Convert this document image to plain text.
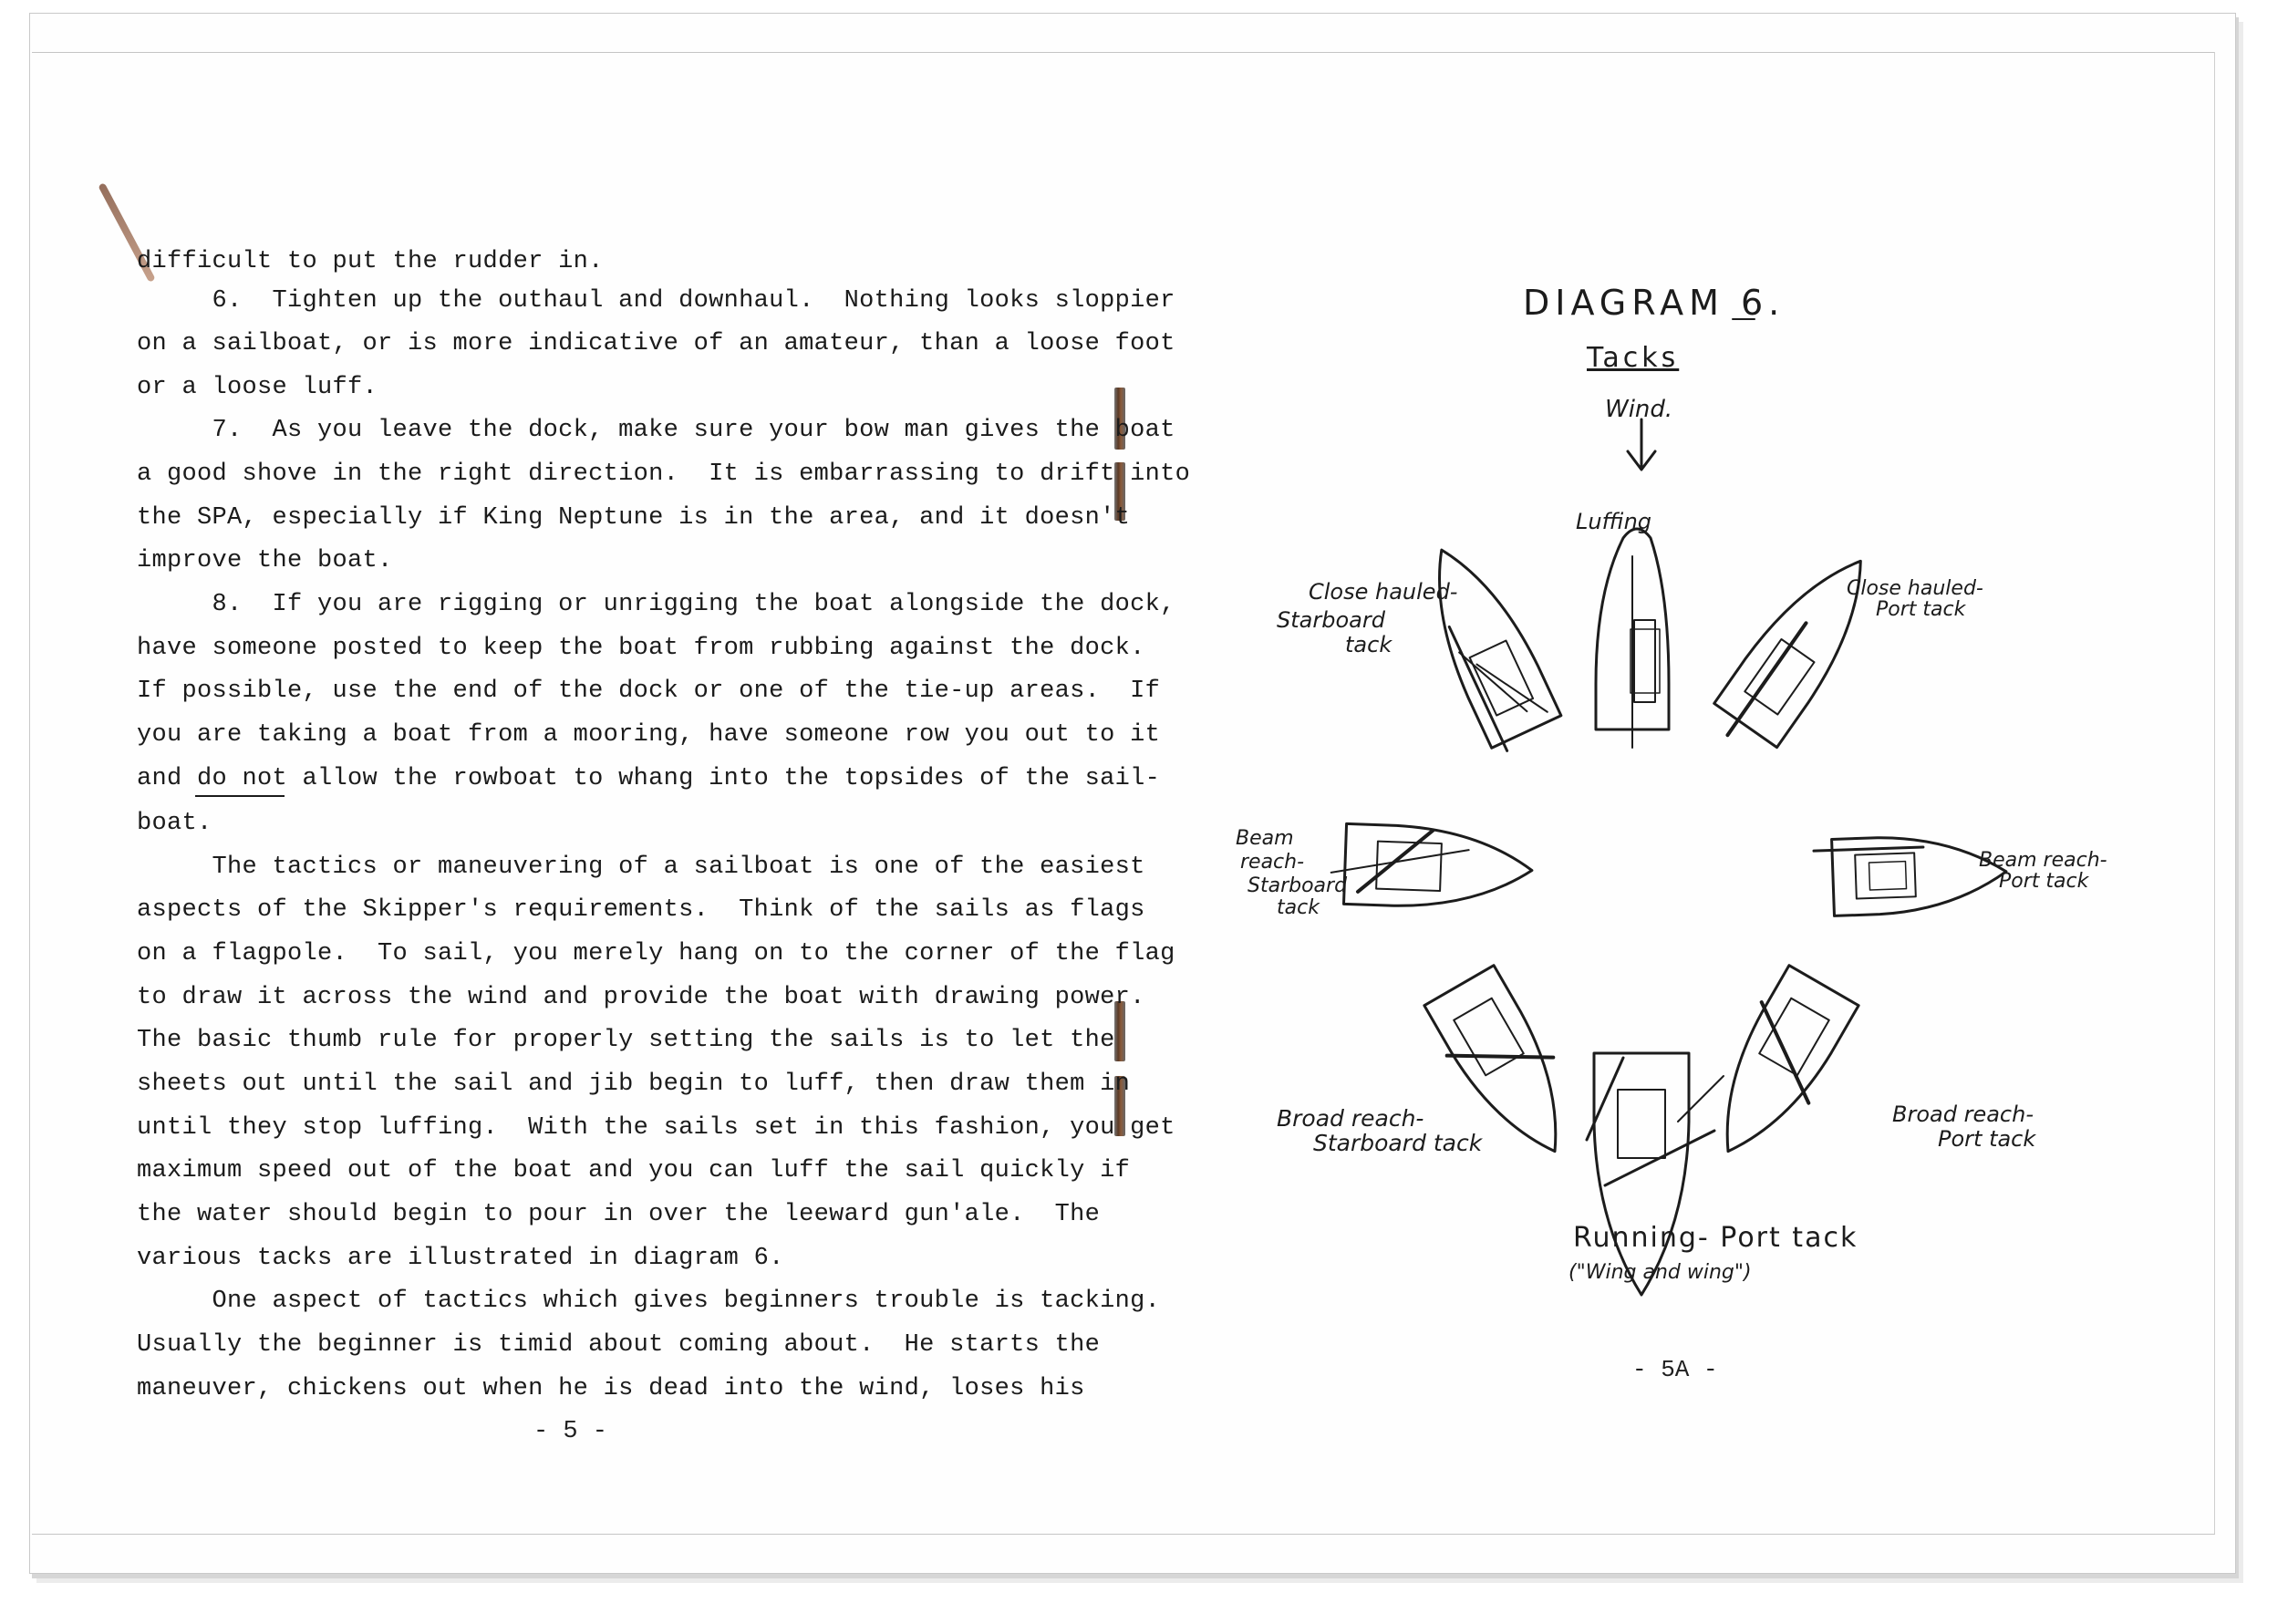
difficult to put the rudder in.
6.  Tighten up the outhaul and downhaul.  Nothing looks sloppier
on a sailboat, or is more indicative of an amateur, than a loose foot
or a loose luff.
7.  As you leave the dock, make sure your bow man gives the boat
a good shove in the right direction.  It is embarrassing to drift into
the SPA, especially if King Neptune is in the area, and it doesn't
improve the boat.
8.  If you are rigging or unrigging the boat alongside the dock,
have someone posted to keep the boat from rubbing against the dock.
If possible, use the end of the dock or one of the tie-up areas.  If
you are taking a boat from a mooring, have someone row you out to it
and do not allow the rowboat to whang into the topsides of the sail-
boat.
The tactics or maneuvering of a sailboat is one of the easiest
aspects of the Skipper's requirements.  Think of the sails as flags
on a flagpole.  To sail, you merely hang on to the corner of the flag
to draw it across the wind and provide the boat with drawing power.
The basic thumb rule for properly setting the sails is to let the
sheets out until the sail and jib begin to luff, then draw them in
until they stop luffing.  With the sails set in this fashion, you get
maximum speed out of the boat and you can luff the sail quickly if
the water should begin to pour in over the leeward gun'ale.  The
various tacks are illustrated in diagram 6.
One aspect of tactics which gives beginners trouble is tacking.
Usually the beginner is timid about coming about.  He starts the
maneuver, chickens out when he is dead into the wind, loses his
- 5 -
DIAGRAM 6.
Tacks
Wind.
Luffing
Close hauled-
Starboard
tack
Close hauled-
Port tack
Beam
reach-
Starboard
tack
Beam reach-
Port tack
Broad reach-
Starboard tack
Broad reach-
Port tack
Running- Port tack
("Wing and wing")
- 5A -
